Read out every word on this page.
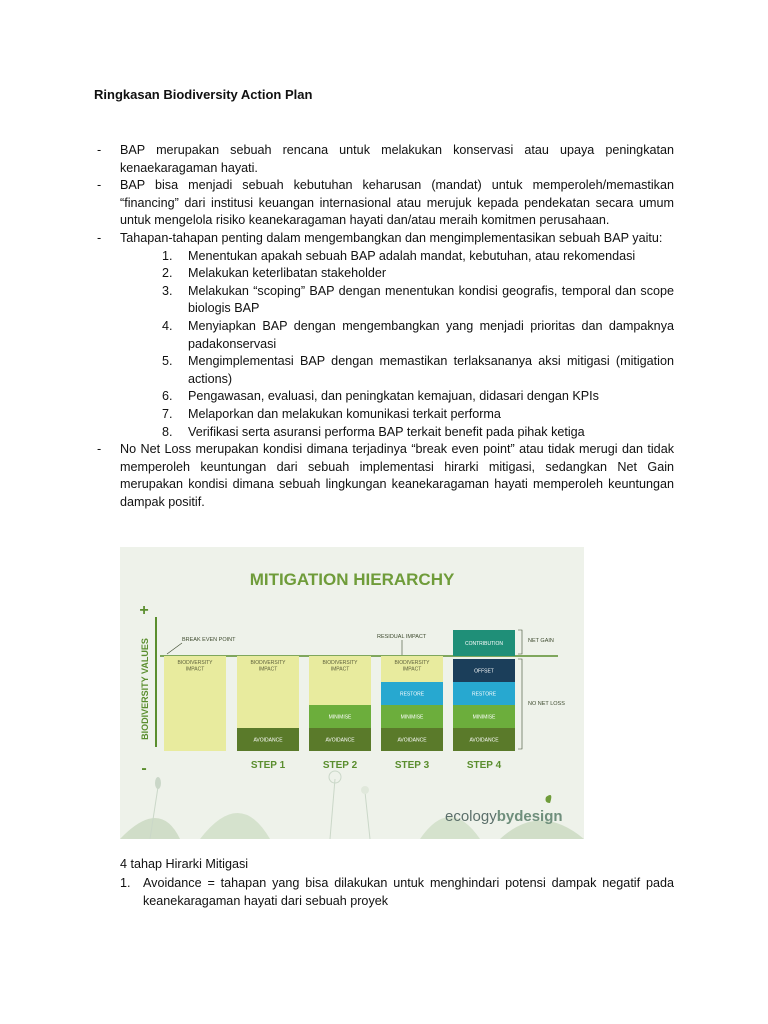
Ringkasan Biodiversity Action Plan
- BAP merupakan sebuah rencana untuk melakukan konservasi atau upaya peningkatan kenaekaragaman hayati.
- BAP bisa menjadi sebuah kebutuhan keharusan (mandat) untuk memperoleh/memastikan “financing” dari institusi keuangan internasional atau merujuk kepada pendekatan secara umum untuk mengelola risiko keanekaragaman hayati dan/atau meraih komitmen perusahaan.
- Tahapan-tahapan penting dalam mengembangkan dan mengimplementasikan sebuah BAP yaitu:
1. Menentukan apakah sebuah BAP adalah mandat, kebutuhan, atau rekomendasi
2. Melakukan keterlibatan stakeholder
3. Melakukan “scoping” BAP dengan menentukan kondisi geografis, temporal dan scope biologis BAP
4. Menyiapkan BAP dengan mengembangkan yang menjadi prioritas dan dampaknya padakonservasi
5. Mengimplementasi BAP dengan memastikan terlaksananya aksi mitigasi (mitigation actions)
6. Pengawasan, evaluasi, dan peningkatan kemajuan, didasari dengan KPIs
7. Melaporkan dan melakukan komunikasi terkait performa
8. Verifikasi serta asuransi performa BAP terkait benefit pada pihak ketiga
- No Net Loss merupakan kondisi dimana terjadinya “break even point” atau tidak merugi dan tidak memperoleh keuntungan dari sebuah implementasi hirarki mitigasi, sedangkan Net Gain merupakan kondisi dimana sebuah lingkungan keanekaragaman hayati memperoleh keuntungan dampak positif.
MITIGATION HIERARCHY
+
-
BIODIVERSITY VALUES	BREAK EVEN POINT	RESIDUAL IMPACT
NET GAIN
NO NET LOSS
BIODIVERSITY
IMPACT
AVOIDANCE
BIODIVERSITY
IMPACT
STEP 1
AVOIDANCE
MINIMISE
BIODIVERSITY
IMPACT
STEP 2
AVOIDANCE
MINIMISE
RESTORE
BIODIVERSITY
IMPACT
STEP 3
AVOIDANCE
MINIMISE
RESTORE
OFFSET
CONTRIBUTION
STEP 4
ecologybydesign
4 tahap Hirarki Mitigasi
1. Avoidance = tahapan yang bisa dilakukan untuk menghindari potensi dampak negatif pada keanekaragaman hayati dari sebuah proyek
